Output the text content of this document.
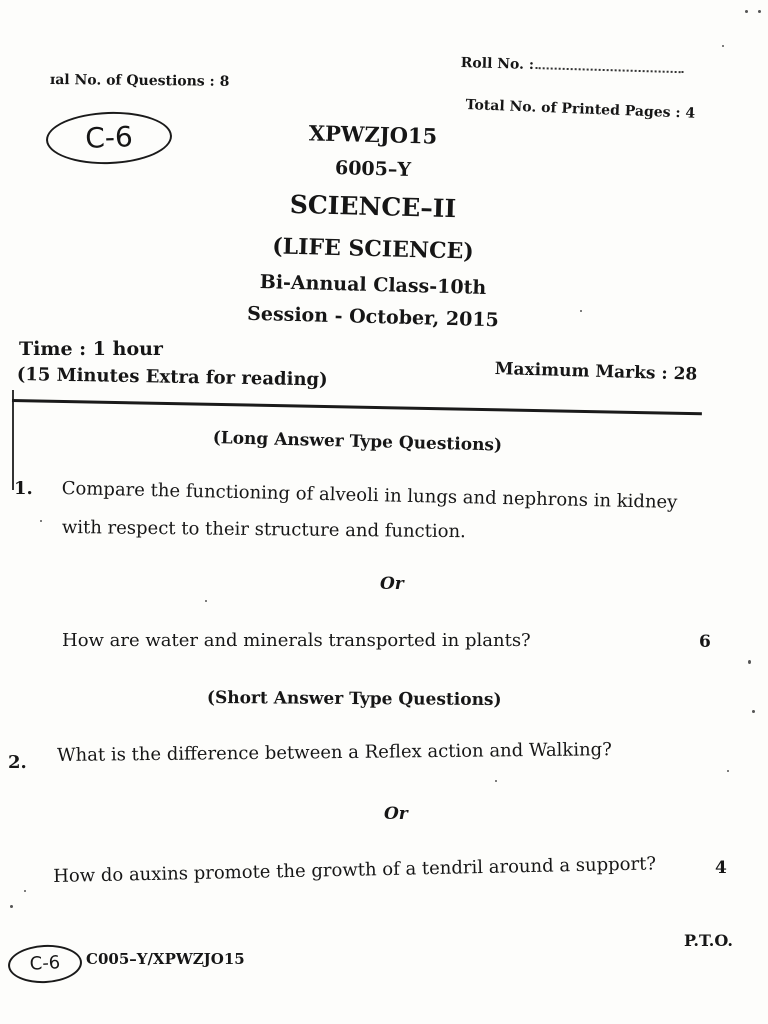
ɪal No. of Questions : 8
Roll No. :
Total No. of Printed Pages : 4
C-6	XPWZJO15
6005–Y
SCIENCE–II
(LIFE SCIENCE)
Bi-Annual Class-10th
Session - October, 2015
Time : 1 hour
(15 Minutes Extra for reading)	Maximum Marks : 28
(Long Answer Type Questions)
1. Compare the functioning of alveoli in lungs and nephrons in kidney
with respect to their structure and function.
Or
How are water and minerals transported in plants?	6
(Short Answer Type Questions)
2. What is the difference between a Reflex action and Walking?
Or
How do auxins promote the growth of a tendril around a support?	4
P.T.O.
C-6	C005–Y/XPWZJO15
